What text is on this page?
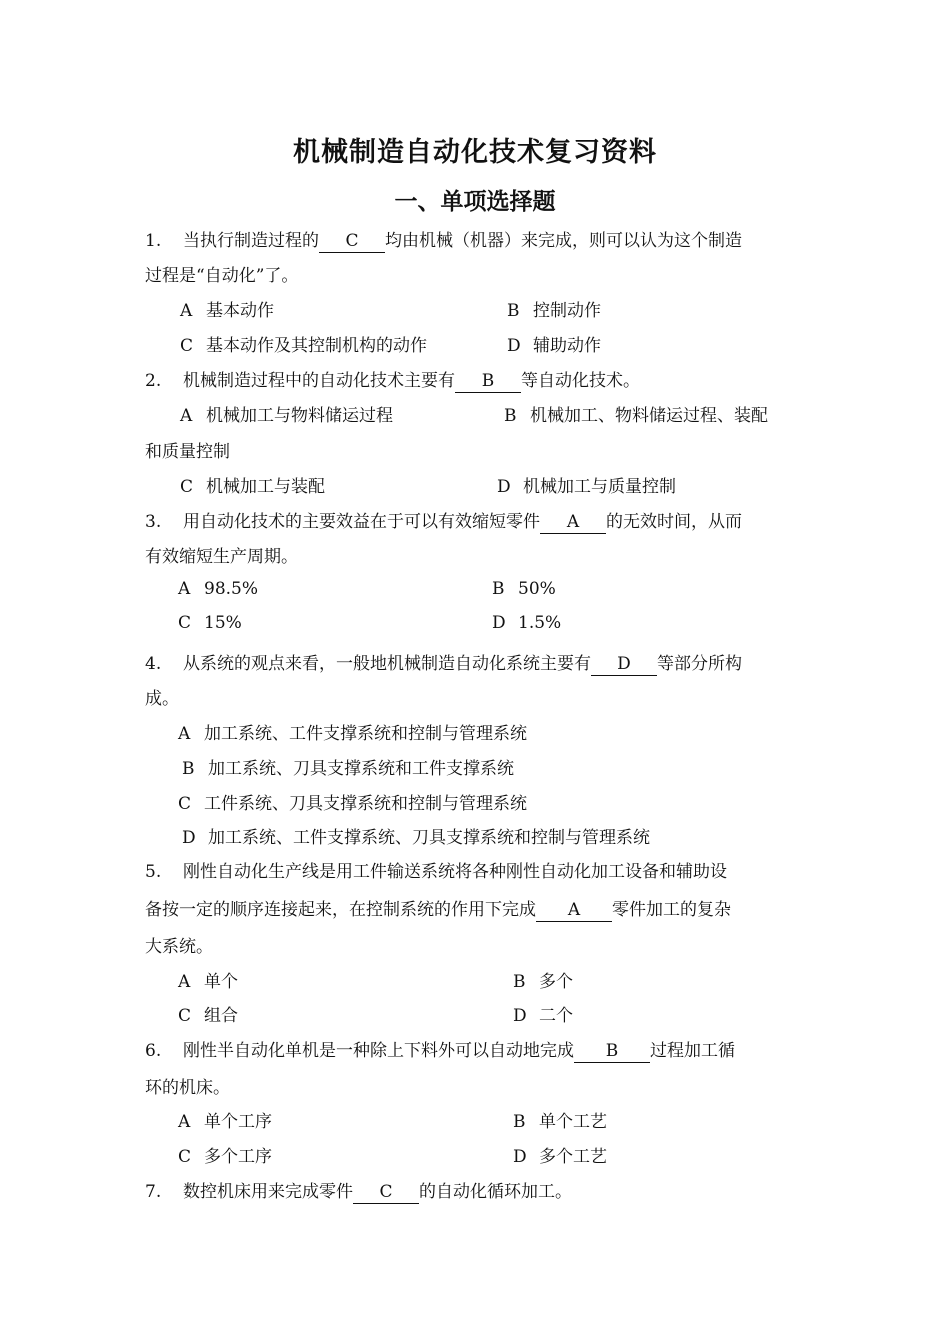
机械制造自动化技术复习资料
一、单项选择题
1. 当执行制造过程的 C 均由机械（机器）来完成，则可以认为这个制造
过程是“自动化”了。
A 基本动作	B 控制动作
C 基本动作及其控制机构的动作	D 辅助动作
2. 机械制造过程中的自动化技术主要有 B 等自动化技术。
A 机械加工与物料储运过程	B 机械加工、物料储运过程、装配
和质量控制
C 机械加工与装配	D 机械加工与质量控制
3. 用自动化技术的主要效益在于可以有效缩短零件 A 的无效时间，从而
有效缩短生产周期。
A 98.5%	B 50%
C 15%	D 1.5%
4. 从系统的观点来看，一般地机械制造自动化系统主要有 D 等部分所构
成。
A 加工系统、工件支撑系统和控制与管理系统
B 加工系统、刀具支撑系统和工件支撑系统
C 工件系统、刀具支撑系统和控制与管理系统
D 加工系统、工件支撑系统、刀具支撑系统和控制与管理系统
5. 刚性自动化生产线是用工件输送系统将各种刚性自动化加工设备和辅助设
备按一定的顺序连接起来，在控制系统的作用下完成 A 零件加工的复杂
大系统。
A 单个	B 多个
C 组合	D 二个
6. 刚性半自动化单机是一种除上下料外可以自动地完成 B 过程加工循
环的机床。
A 单个工序	B 单个工艺
C 多个工序	D 多个工艺
7. 数控机床用来完成零件 C 的自动化循环加工。
